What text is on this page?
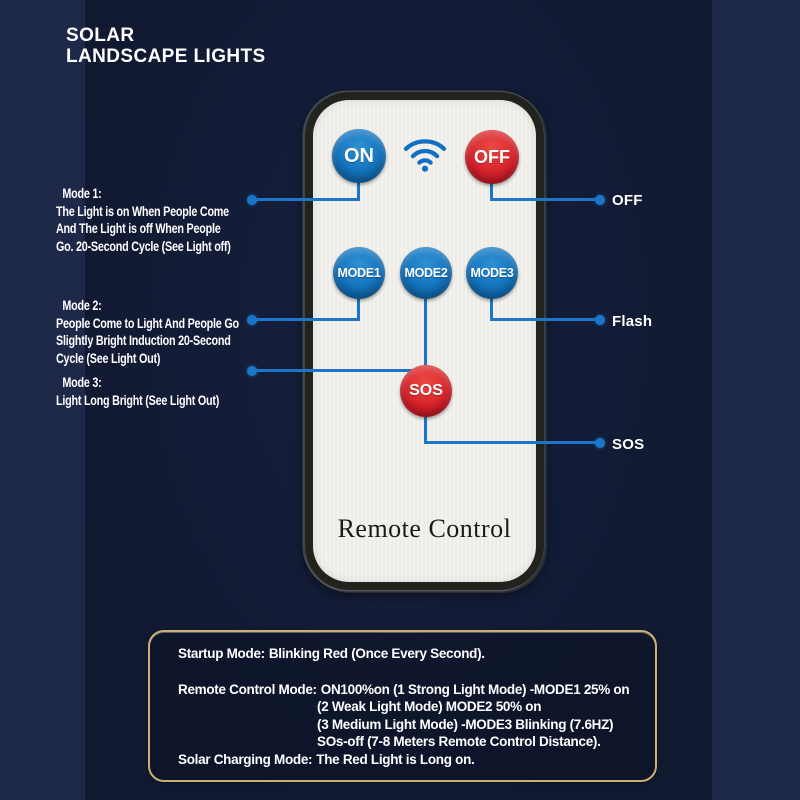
SOLAR
LANDSCAPE LIGHTS
Remote Control
ON	OFF
MODE1	MODE2	MODE3
SOS
Mode 1:
The Light is on When People Come
And The Light is off When People
Go. 20-Second Cycle (See Light off)
Mode 2:
People Come to Light And People Go
Slightly Bright Induction 20-Second
Cycle (See Light Out)
Mode 3:
Light Long Bright (See Light Out)
OFF
Flash
SOS
Startup Mode: Blinking Red (Once Every Second).
Remote Control Mode: ON100%on (1 Strong Light Mode) -MODE1 25% on
(2 Weak Light Mode) MODE2 50% on
(3 Medium Light Mode) -MODE3 Blinking (7.6HZ)
SOs-off (7-8 Meters Remote Control Distance).
Solar Charging Mode: The Red Light is Long on.
